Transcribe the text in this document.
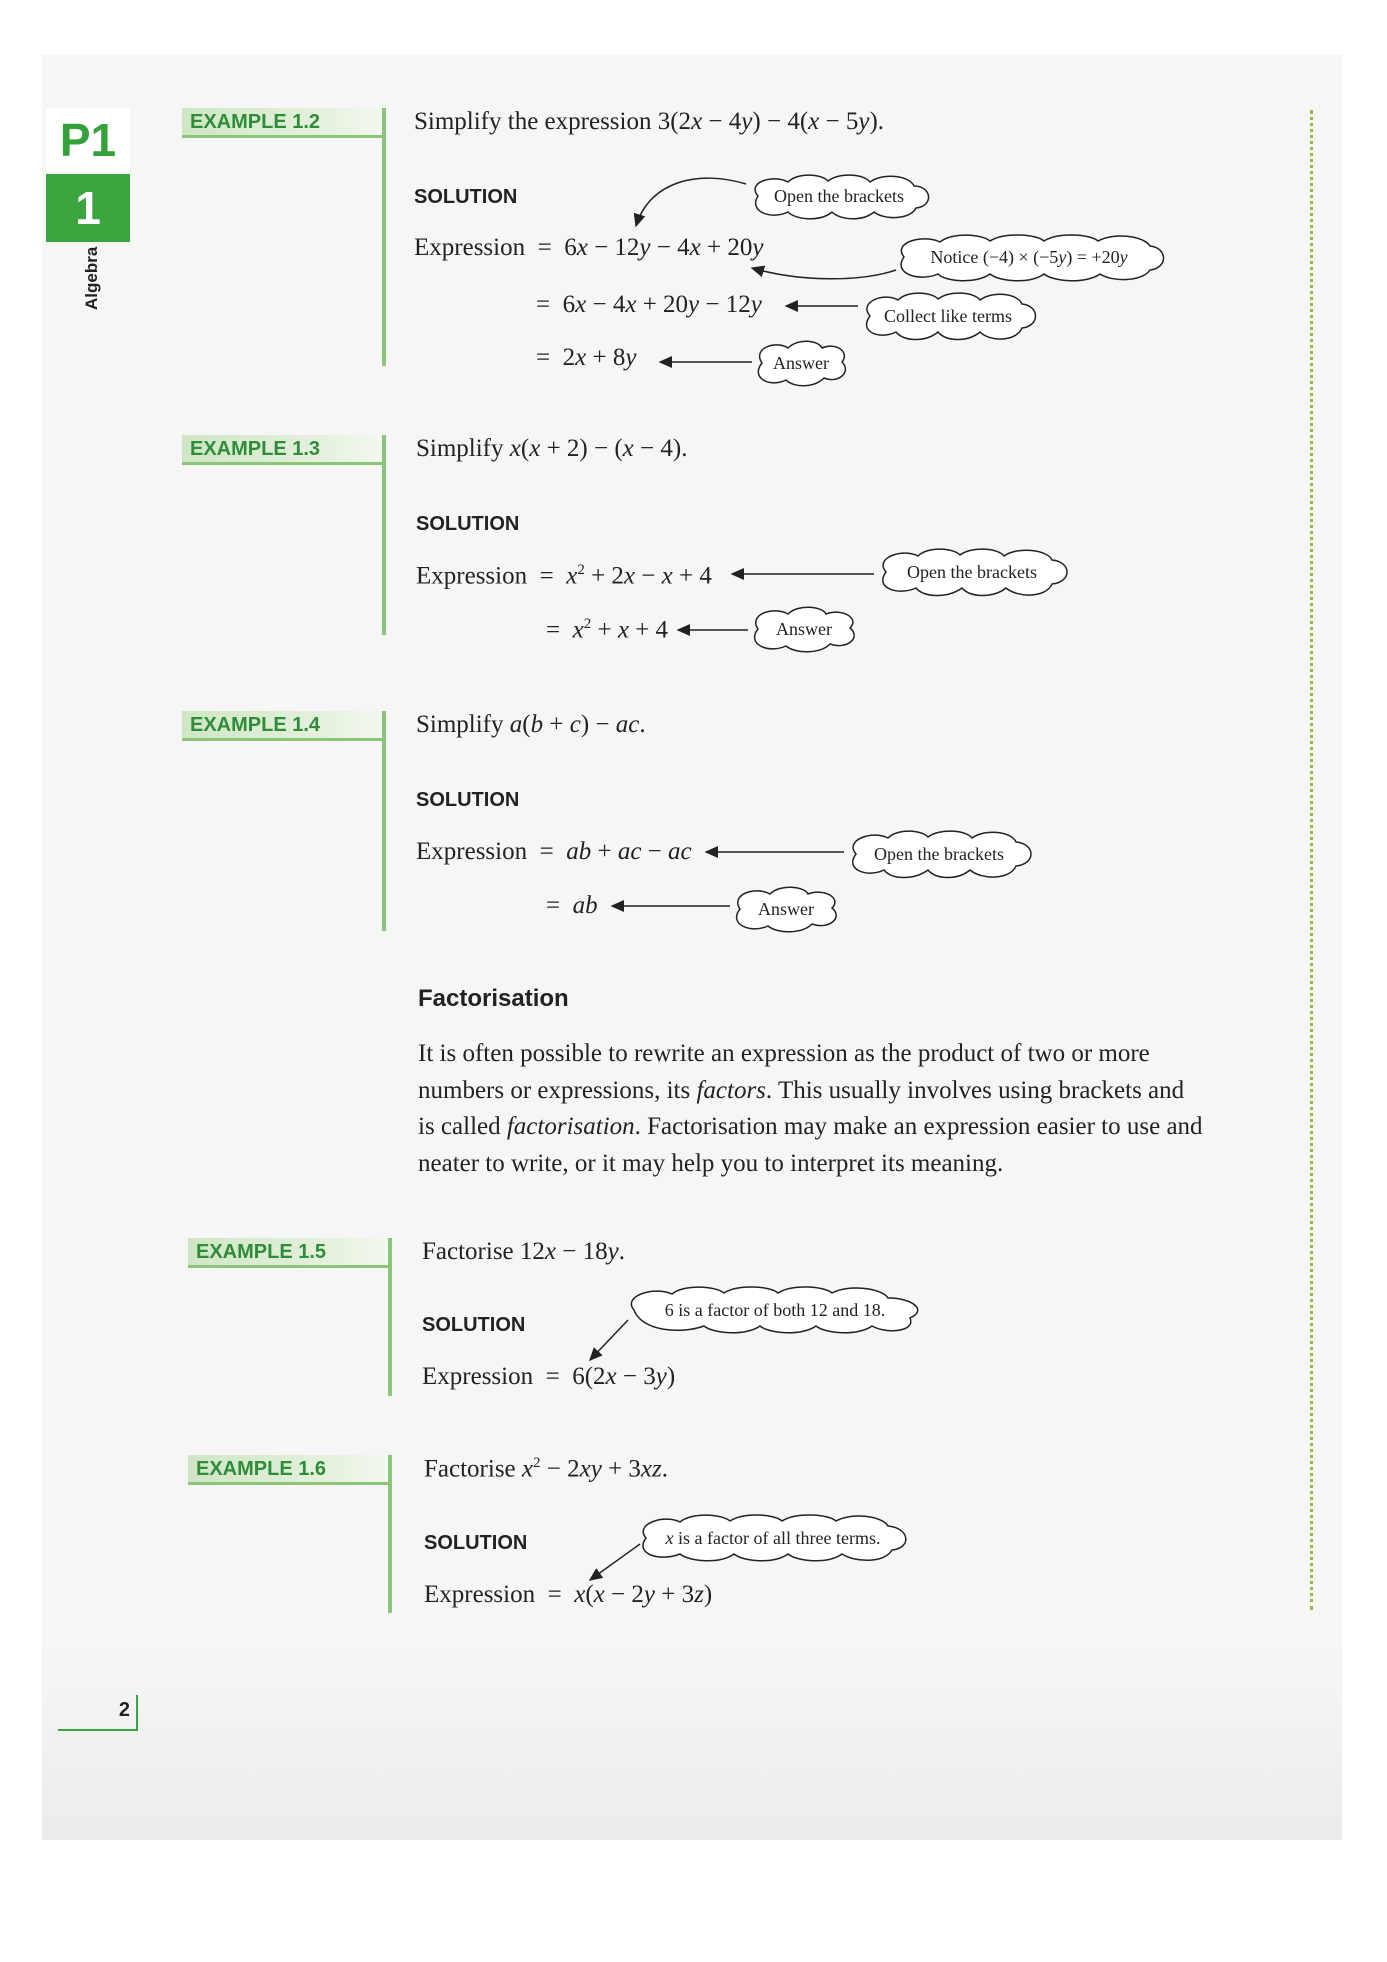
P1
1
Algebra
EXAMPLE 1.2	Simplify the expression 3(2x − 4y) − 4(x − 5y).
SOLUTION
Expression  =  6x − 12y − 4x + 20y
=  6x − 4x + 20y − 12y
=  2x + 8y
Open the brackets
Notice (−4) × (−5y) = +20y
Collect like terms
Answer
EXAMPLE 1.3	Simplify x(x + 2) − (x − 4).
SOLUTION
Expression  =  $x^2 + 2x - x + 4$
=  $x^2 + x + 4$
Open the brackets
Answer
EXAMPLE 1.4	Simplify a(b + c) − ac.
SOLUTION
Expression  =  ab + ac − ac
=  ab
Open the brackets
Answer
Factorisation

It is often possible to rewrite an expression as the product of two or more

numbers or expressions, its factors. This usually involves using brackets and

is called factorisation. Factorisation may make an expression easier to use and

neater to write, or it may help you to interpret its meaning.

EXAMPLE 1.5	Factorise 12x − 18y.
SOLUTION
Expression  =  6(2x − 3y)
6 is a factor of both 12 and 18.
EXAMPLE 1.6	Factorise $x^2 - 2xy + 3xz$.
SOLUTION
Expression  =  x(x − 2y + 3z)
x is a factor of all three terms.
2
